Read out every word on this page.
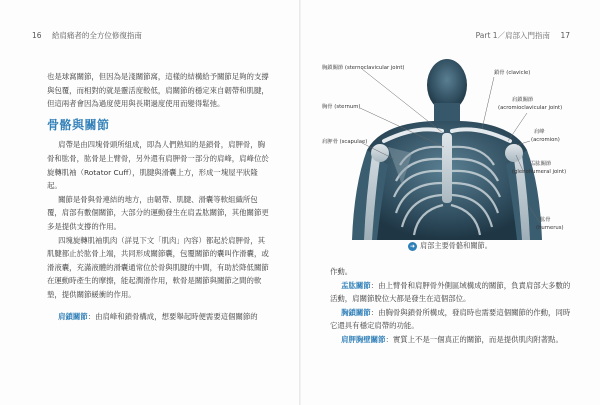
16 給肩痛者的全方位修復指南	Part 1／肩部入門指南 17

也是球窩關節，但因為是淺關節窩，這樣的結構給予關節足夠的支撐與包覆，而相對的就是靈活度較低，肩關節的穩定來自韌帶和肌腱，但這兩者會因為過度使用與長期過度使用而變得鬆弛。

骨骼與關節

肩帶是由四塊骨頭所組成，即為人們熟知的是鎖骨，肩胛骨，胸骨和肱骨，肱骨是上臂骨，另外還有肩胛骨一部分的肩峰，肩峰位於旋轉肌袖（Rotator Cuff），肌腱與滑囊上方，形成一塊屋平狀隆起。

關節是骨與骨連結的地方，由韌帶、肌腱、滑囊等軟組織所包覆，肩部有數個關節，大部分的運動發生在肩盂肱關節，其他關節更多是提供支撐的作用。

四塊旋轉肌袖肌肉（詳見下文「肌肉」內容）都起於肩胛骨，其肌腱都止於肱骨上端，共同形成關節囊，包覆關節的囊叫作滑囊，或滑液囊，充滿液體的滑囊通常位於骨與肌腱的中間，有助於降低關節在運動時產生的摩擦，能起潤滑作用，軟骨是關節與關節之間的軟墊，提供關節緩衝的作用。

肩鎖關節：由肩峰和鎖骨構成，想要舉起時便需要這個關節的

胸鎖關節 (sternoclavicular joint)
胸骨 (sternum)
肩胛骨 (scapulae)
鎖骨 (clavicle)
肩鎖關節
(acromioclavicular joint)
肩峰
(acromion)
盂肱關節
(glenohumeral joint)
肱骨
(humerus)
➜ 肩部主要骨骼和關節。

作動。

盂肱關節：由上臂骨和肩胛骨外側區域構成的關節，負責肩部大多數的活動，肩關節脫位大都是發生在這個部位。

胸鎖關節：由胸骨與鎖骨所構成，發肩時也需要這個關節的作動，同時它還具有穩定肩帶的功能。

肩胛胸壁關節：實質上不是一個真正的關節，而是提供肌肉附著點。
